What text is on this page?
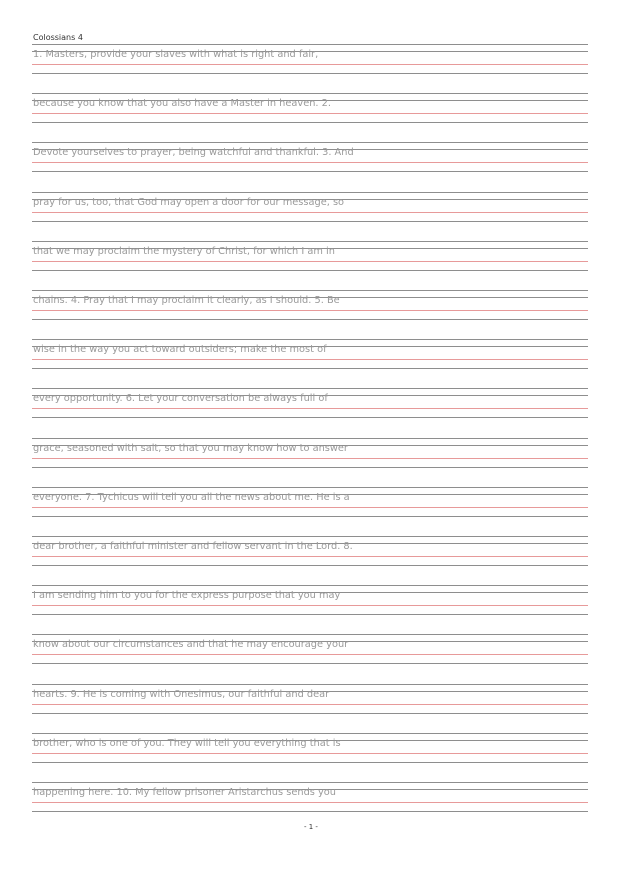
Colossians 4
1. Masters, provide your slaves with what is right and fair,
because you know that you also have a Master in heaven. 2.
Devote yourselves to prayer, being watchful and thankful. 3. And
pray for us, too, that God may open a door for our message, so
that we may proclaim the mystery of Christ, for which I am in
chains. 4. Pray that I may proclaim it clearly, as I should. 5. Be
wise in the way you act toward outsiders; make the most of
every opportunity. 6. Let your conversation be always full of
grace, seasoned with salt, so that you may know how to answer
everyone. 7. Tychicus will tell you all the news about me. He is a
dear brother, a faithful minister and fellow servant in the Lord. 8.
I am sending him to you for the express purpose that you may
know about our circumstances and that he may encourage your
hearts. 9. He is coming with Onesimus, our faithful and dear
brother, who is one of you. They will tell you everything that is
happening here. 10. My fellow prisoner Aristarchus sends you
- 1 -
